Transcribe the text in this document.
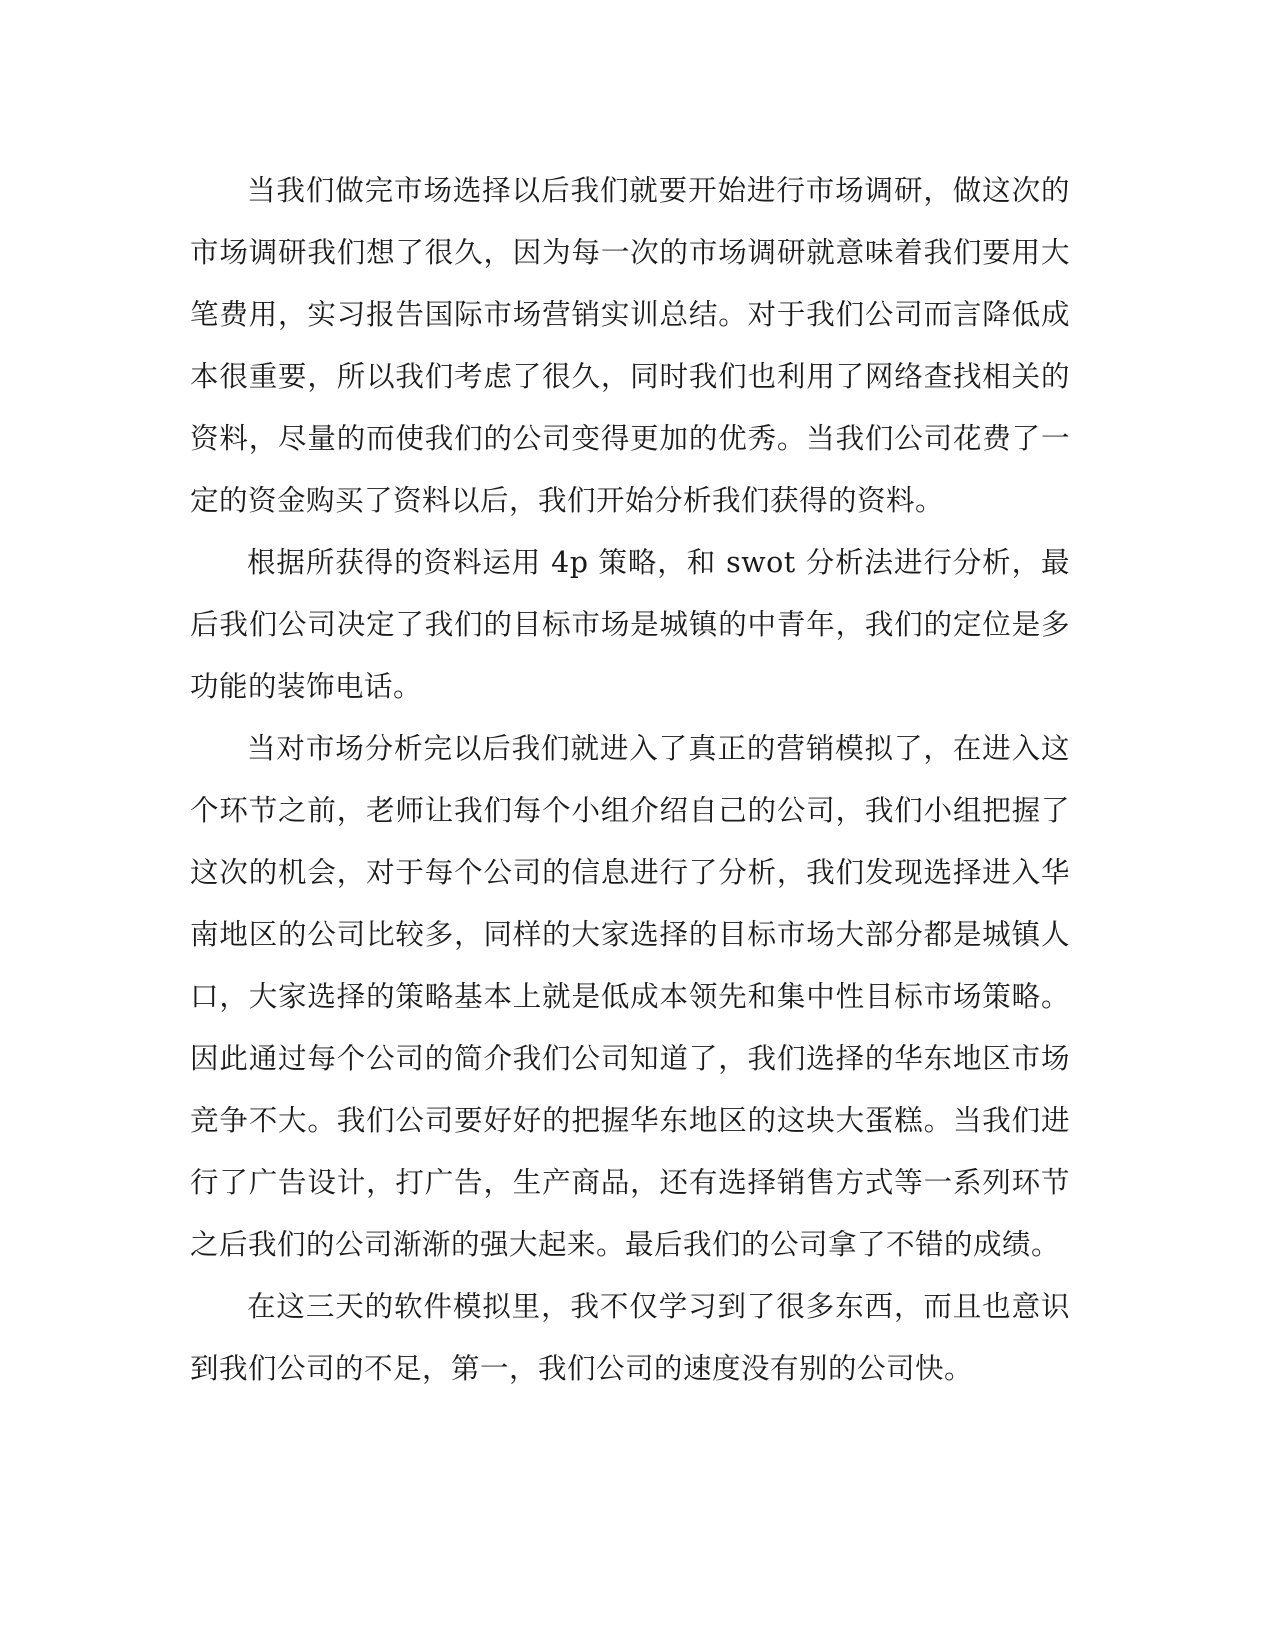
当我们做完市场选择以后我们就要开始进行市场调研，做这次的市场调研我们想了很久，因为每一次的市场调研就意味着我们要用大笔费用，实习报告国际市场营销实训总结。对于我们公司而言降低成本很重要，所以我们考虑了很久，同时我们也利用了网络查找相关的资料，尽量的而使我们的公司变得更加的优秀。当我们公司花费了一定的资金购买了资料以后，我们开始分析我们获得的资料。

根据所获得的资料运用 4p 策略，和 swot 分析法进行分析，最后我们公司决定了我们的目标市场是城镇的中青年，我们的定位是多功能的装饰电话。

当对市场分析完以后我们就进入了真正的营销模拟了，在进入这个环节之前，老师让我们每个小组介绍自己的公司，我们小组把握了这次的机会，对于每个公司的信息进行了分析，我们发现选择进入华南地区的公司比较多，同样的大家选择的目标市场大部分都是城镇人口，大家选择的策略基本上就是低成本领先和集中性目标市场策略。因此通过每个公司的简介我们公司知道了，我们选择的华东地区市场竞争不大。我们公司要好好的把握华东地区的这块大蛋糕。当我们进行了广告设计，打广告，生产商品，还有选择销售方式等一系列环节之后我们的公司渐渐的强大起来。最后我们的公司拿了不错的成绩。

在这三天的软件模拟里，我不仅学习到了很多东西，而且也意识到我们公司的不足，第一，我们公司的速度没有别的公司快。
